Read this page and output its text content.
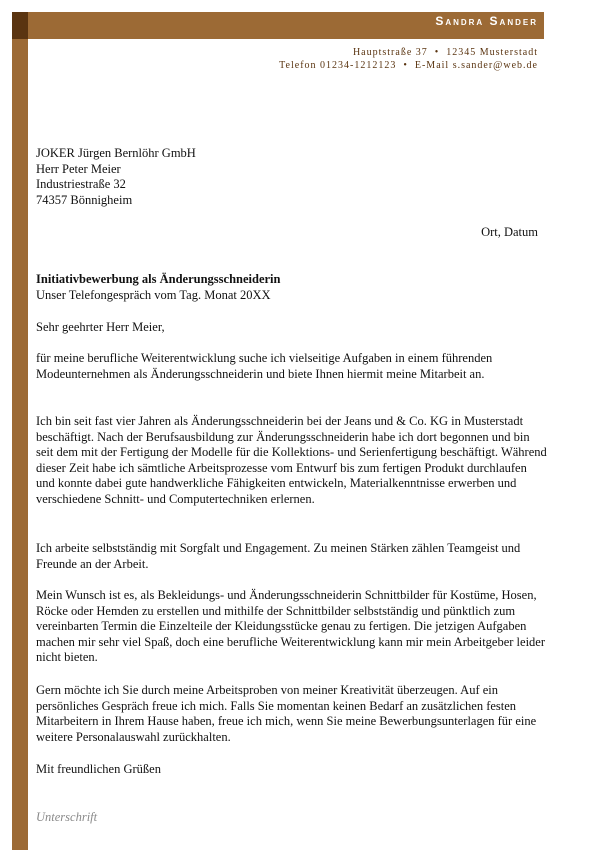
Sandra Sander
Hauptstraße 37  •  12345 Musterstadt
Telefon 01234-1212123  •  E-Mail s.sander@web.de
JOKER Jürgen Bernlöhr GmbH
Herr Peter Meier
Industriestraße 32
74357 Bönnigheim
Ort, Datum
Initiativbewerbung als Änderungsschneiderin
Unser Telefongespräch vom Tag. Monat 20XX
Sehr geehrter Herr Meier,
für meine berufliche Weiterentwicklung suche ich vielseitige Aufgaben in einem führenden Modeunternehmen als Änderungsschneiderin und biete Ihnen hiermit meine Mitarbeit an.
Ich bin seit fast vier Jahren als Änderungsschneiderin bei der Jeans und & Co. KG in Musterstadt beschäftigt. Nach der Berufsausbildung zur Änderungsschneiderin habe ich dort begonnen und bin seit dem mit der Fertigung der Modelle für die Kollektions- und Serienfertigung beschäftigt. Während dieser Zeit habe ich sämtliche Arbeitsprozesse vom Entwurf bis zum fertigen Produkt durchlaufen und konnte dabei gute handwerkliche Fähigkeiten entwickeln, Materialkenntnisse erwerben und verschiedene Schnitt- und Computertechniken erlernen.
Ich arbeite selbstständig mit Sorgfalt und Engagement. Zu meinen Stärken zählen Teamgeist und Freunde an der Arbeit.
Mein Wunsch ist es, als Bekleidungs- und Änderungsschneiderin Schnittbilder für Kostüme, Hosen, Röcke oder Hemden zu erstellen und mithilfe der Schnittbilder selbstständig und pünktlich zum vereinbarten Termin die Einzelteile der Kleidungsstücke genau zu fertigen. Die jetzigen Aufgaben machen mir sehr viel Spaß, doch eine berufliche Weiterentwicklung kann mir mein Arbeitgeber leider nicht bieten.
Gern möchte ich Sie durch meine Arbeitsproben von meiner Kreativität überzeugen. Auf ein persönliches Gespräch freue ich mich. Falls Sie momentan keinen Bedarf an zusätzlichen festen Mitarbeitern in Ihrem Hause haben, freue ich mich, wenn Sie meine Bewerbungsunterlagen für eine weitere Personalauswahl zurückhalten.
Mit freundlichen Grüßen
Unterschrift
